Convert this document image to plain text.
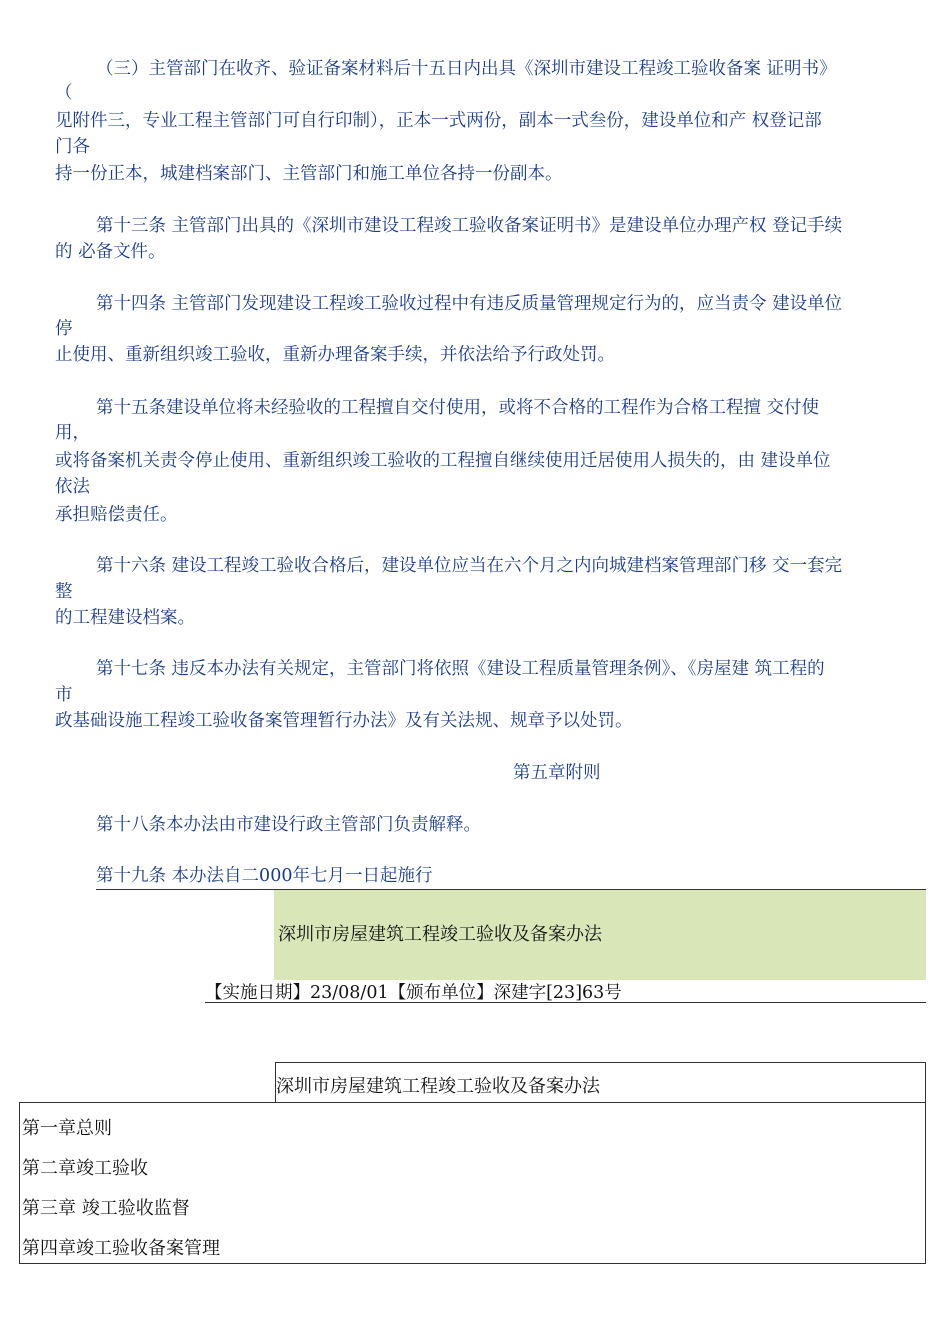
（三）主管部门在收齐、验证备案材料后十五日内出具《深圳市建设工程竣工验收备案 证明书》
（
见附件三，专业工程主管部门可自行印制），正本一式两份，副本一式叁份，建设单位和产 权登记部
门各
持一份正本，城建档案部门、主管部门和施工单位各持一份副本。
第十三条 主管部门出具的《深圳市建设工程竣工验收备案证明书》是建设单位办理产权 登记手续
的 必备文件。
第十四条 主管部门发现建设工程竣工验收过程中有违反质量管理规定行为的，应当责令 建设单位
停
止使用、重新组织竣工验收，重新办理备案手续，并依法给予行政处罚。
第十五条建设单位将未经验收的工程擅自交付使用，或将不合格的工程作为合格工程擅 交付使
用，
或将备案机关责令停止使用、重新组织竣工验收的工程擅自继续使用迁居使用人损失的，由 建设单位
依法
承担赔偿责任。
第十六条 建设工程竣工验收合格后，建设单位应当在六个月之内向城建档案管理部门移 交一套完
整
的工程建设档案。
第十七条 违反本办法有关规定，主管部门将依照《建设工程质量管理条例》、《房屋建 筑工程的
市
政基础设施工程竣工验收备案管理暂行办法》及有关法规、规章予以处罚。
第五章附则
第十八条本办法由市建设行政主管部门负责解释。
第十九条 本办法自二000年七月一日起施行
深圳市房屋建筑工程竣工验收及备案办法
【实施日期】23/08/01【颁布单位】深建字[23]63号
深圳市房屋建筑工程竣工验收及备案办法
第一章总则
第二章竣工验收
第三章 竣工验收监督
第四章竣工验收备案管理
